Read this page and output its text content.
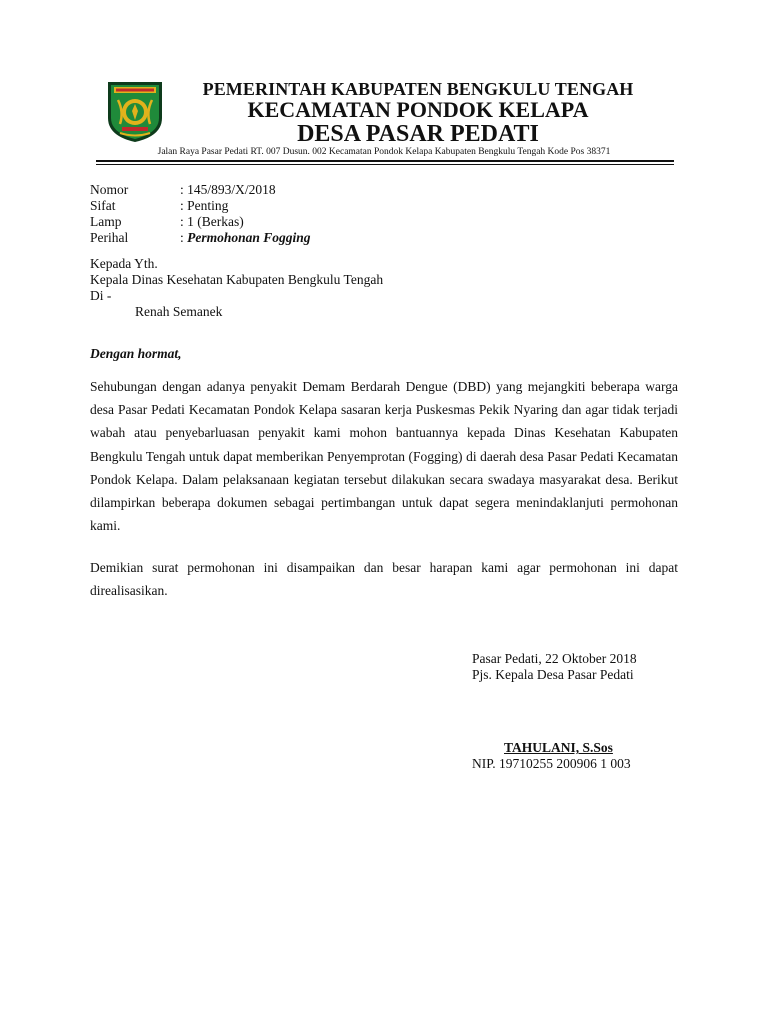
PEMERINTAH KABUPATEN BENGKULU TENGAH
KECAMATAN PONDOK KELAPA
DESA PASAR PEDATI
Jalan Raya Pasar Pedati RT. 007 Dusun. 002 Kecamatan Pondok Kelapa Kabupaten Bengkulu Tengah Kode Pos 38371
Nomor	: 145/893/X/2018
Sifat	: Penting
Lamp	: 1 (Berkas)
Perihal	: Permohonan Fogging
Kepada Yth.
Kepala Dinas Kesehatan Kabupaten Bengkulu Tengah
Di -
Renah Semanek
Dengan hormat,
Sehubungan dengan adanya penyakit Demam Berdarah Dengue (DBD) yang mejangkiti beberapa warga desa Pasar Pedati Kecamatan Pondok Kelapa sasaran kerja Puskesmas Pekik Nyaring dan agar tidak terjadi wabah atau penyebarluasan penyakit kami mohon bantuannya kepada Dinas Kesehatan Kabupaten Bengkulu Tengah untuk dapat memberikan Penyemprotan (Fogging) di daerah desa Pasar Pedati Kecamatan Pondok Kelapa. Dalam pelaksanaan kegiatan tersebut dilakukan secara swadaya masyarakat desa. Berikut dilampirkan beberapa dokumen sebagai pertimbangan untuk dapat segera menindaklanjuti permohonan kami.
Demikian surat permohonan ini disampaikan dan besar harapan kami agar permohonan ini dapat direalisasikan.
Pasar Pedati, 22 Oktober 2018
Pjs. Kepala Desa Pasar Pedati
TAHULANI, S.Sos
NIP. 19710255 200906 1 003
